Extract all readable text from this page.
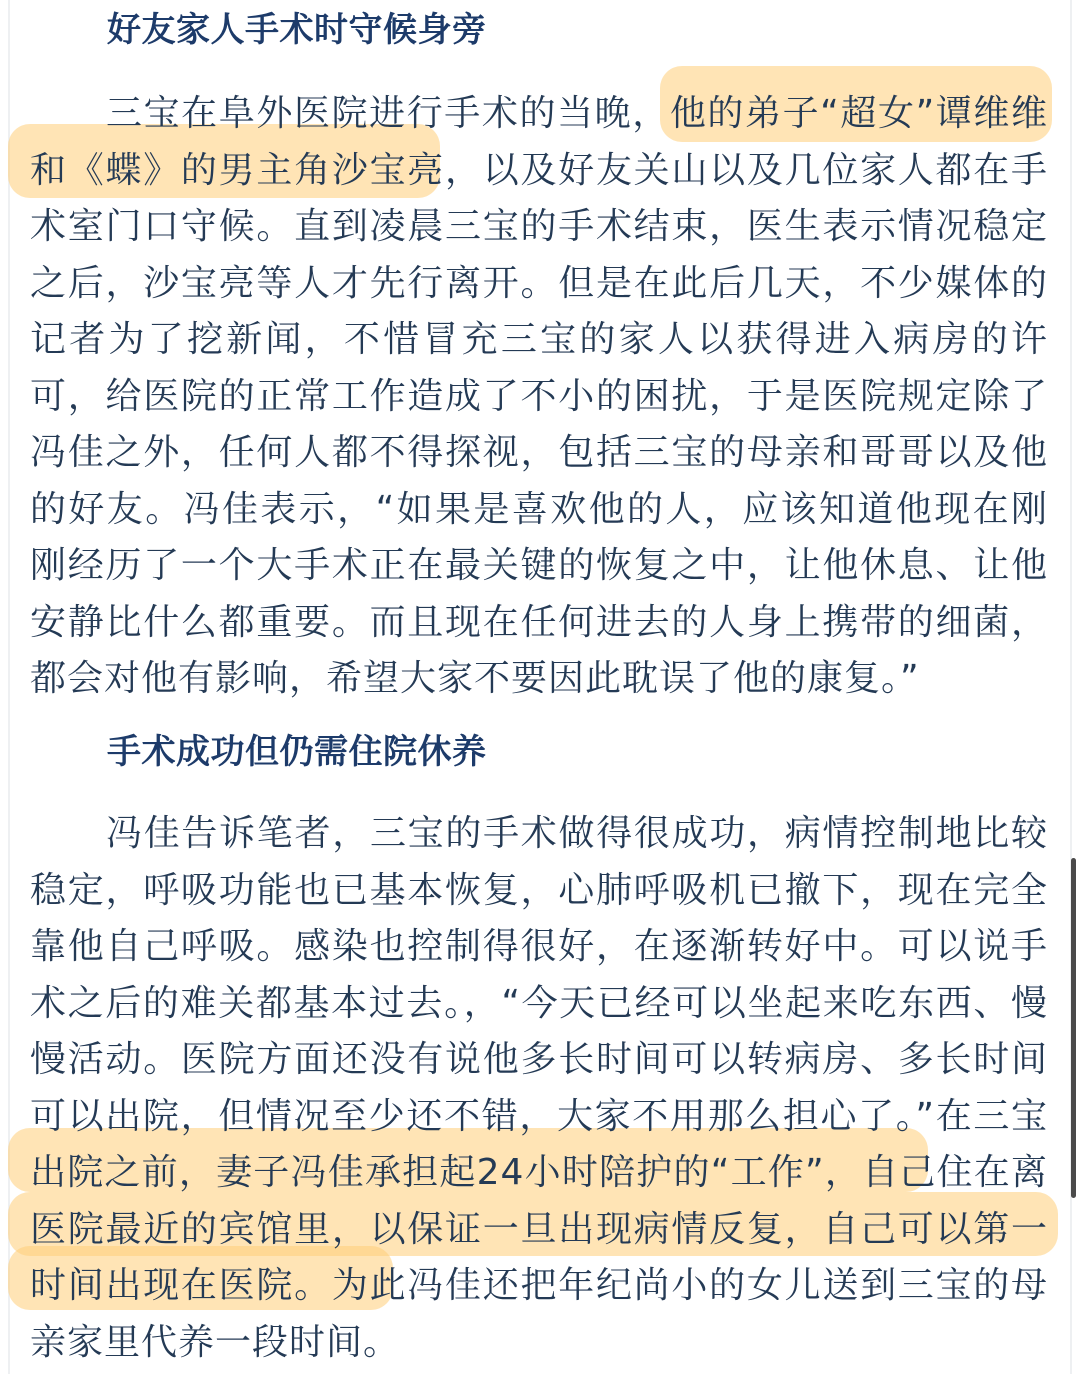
好友家人手术时守候身旁

三宝在阜外医院进行手术的当晚，他的弟子“超女”谭维维和《蝶》的男主角沙宝亮，以及好友关山以及几位家人都在手术室门口守候。直到凌晨三宝的手术结束，医生表示情况稳定之后，沙宝亮等人才先行离开。但是在此后几天，不少媒体的记者为了挖新闻，不惜冒充三宝的家人以获得进入病房的许可，给医院的正常工作造成了不小的困扰，于是医院规定除了冯佳之外，任何人都不得探视，包括三宝的母亲和哥哥以及他的好友。冯佳表示，“如果是喜欢他的人，应该知道他现在刚刚经历了一个大手术正在最关键的恢复之中，让他休息、让他安静比什么都重要。而且现在任何进去的人身上携带的细菌，都会对他有影响，希望大家不要因此耽误了他的康复。”

手术成功但仍需住院休养

冯佳告诉笔者，三宝的手术做得很成功，病情控制地比较稳定，呼吸功能也已基本恢复，心肺呼吸机已撤下，现在完全靠他自己呼吸。感染也控制得很好，在逐渐转好中。可以说手术之后的难关都基本过去。，“今天已经可以坐起来吃东西、慢慢活动。医院方面还没有说他多长时间可以转病房、多长时间可以出院，但情况至少还不错，大家不用那么担心了。”在三宝出院之前，妻子冯佳承担起24小时陪护的“工作”，自己住在离医院最近的宾馆里，以保证一旦出现病情反复，自己可以第一时间出现在医院。为此冯佳还把年纪尚小的女儿送到三宝的母亲家里代养一段时间。
